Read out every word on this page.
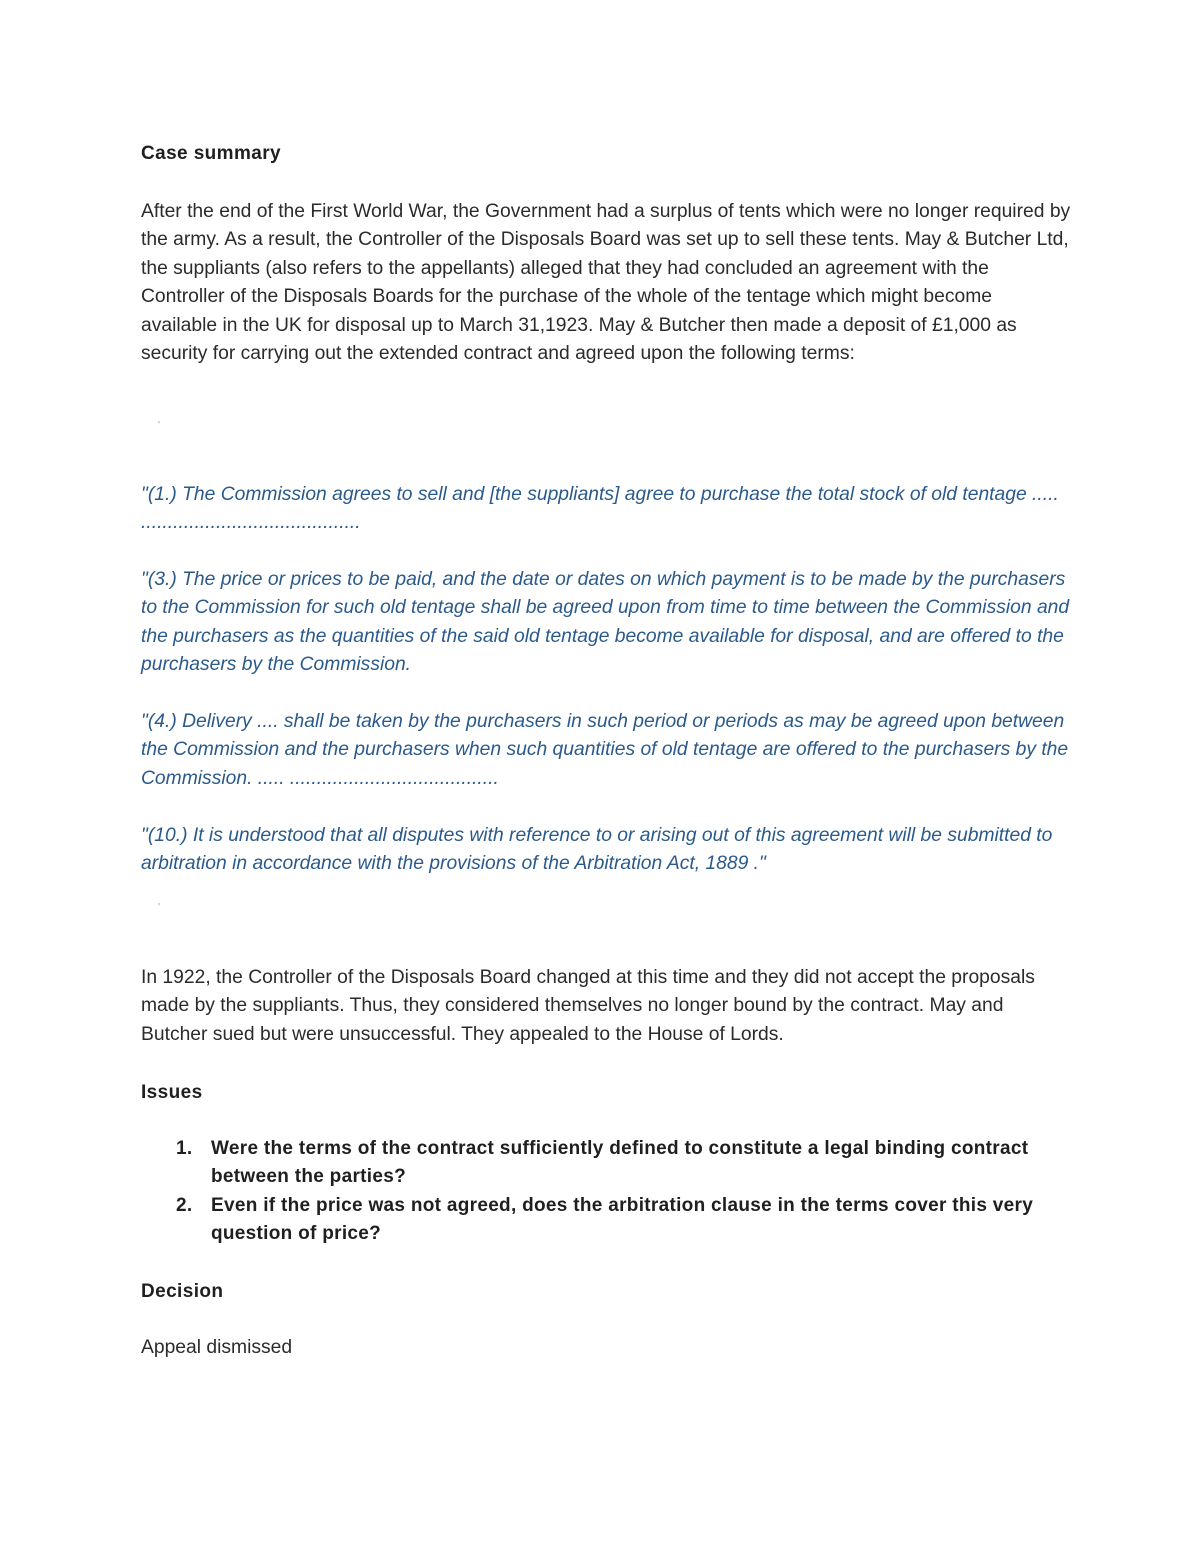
Case summary

After the end of the First World War, the Government had a surplus of tents which were no longer required by the army. As a result, the Controller of the Disposals Board was set up to sell these tents. May & Butcher Ltd, the suppliants (also refers to the appellants) alleged that they had concluded an agreement with the Controller of the Disposals Boards for the purchase of the whole of the tentage which might become available in the UK for disposal up to March 31,1923. May & Butcher then made a deposit of £1,000 as security for carrying out the extended contract and agreed upon the following terms:

'

"(1.) The Commission agrees to sell and [the suppliants] agree to purchase the total stock of old tentage ..... .........................................

"(3.) The price or prices to be paid, and the date or dates on which payment is to be made by the purchasers to the Commission for such old tentage shall be agreed upon from time to time between the Commission and the purchasers as the quantities of the said old tentage become available for disposal, and are offered to the purchasers by the Commission.

"(4.) Delivery .... shall be taken by the purchasers in such period or periods as may be agreed upon between the Commission and the purchasers when such quantities of old tentage are offered to the purchasers by the Commission. ..... .......................................

"(10.) It is understood that all disputes with reference to or arising out of this agreement will be submitted to arbitration in accordance with the provisions of the Arbitration Act, 1889 ."

'

In 1922, the Controller of the Disposals Board changed at this time and they did not accept the proposals made by the suppliants. Thus, they considered themselves no longer bound by the contract. May and Butcher sued but were unsuccessful. They appealed to the House of Lords.

Issues
1. Were the terms of the contract sufficiently defined to constitute a legal binding contract between the parties?
2. Even if the price was not agreed, does the arbitration clause in the terms cover this very question of price?
Decision

Appeal dismissed
